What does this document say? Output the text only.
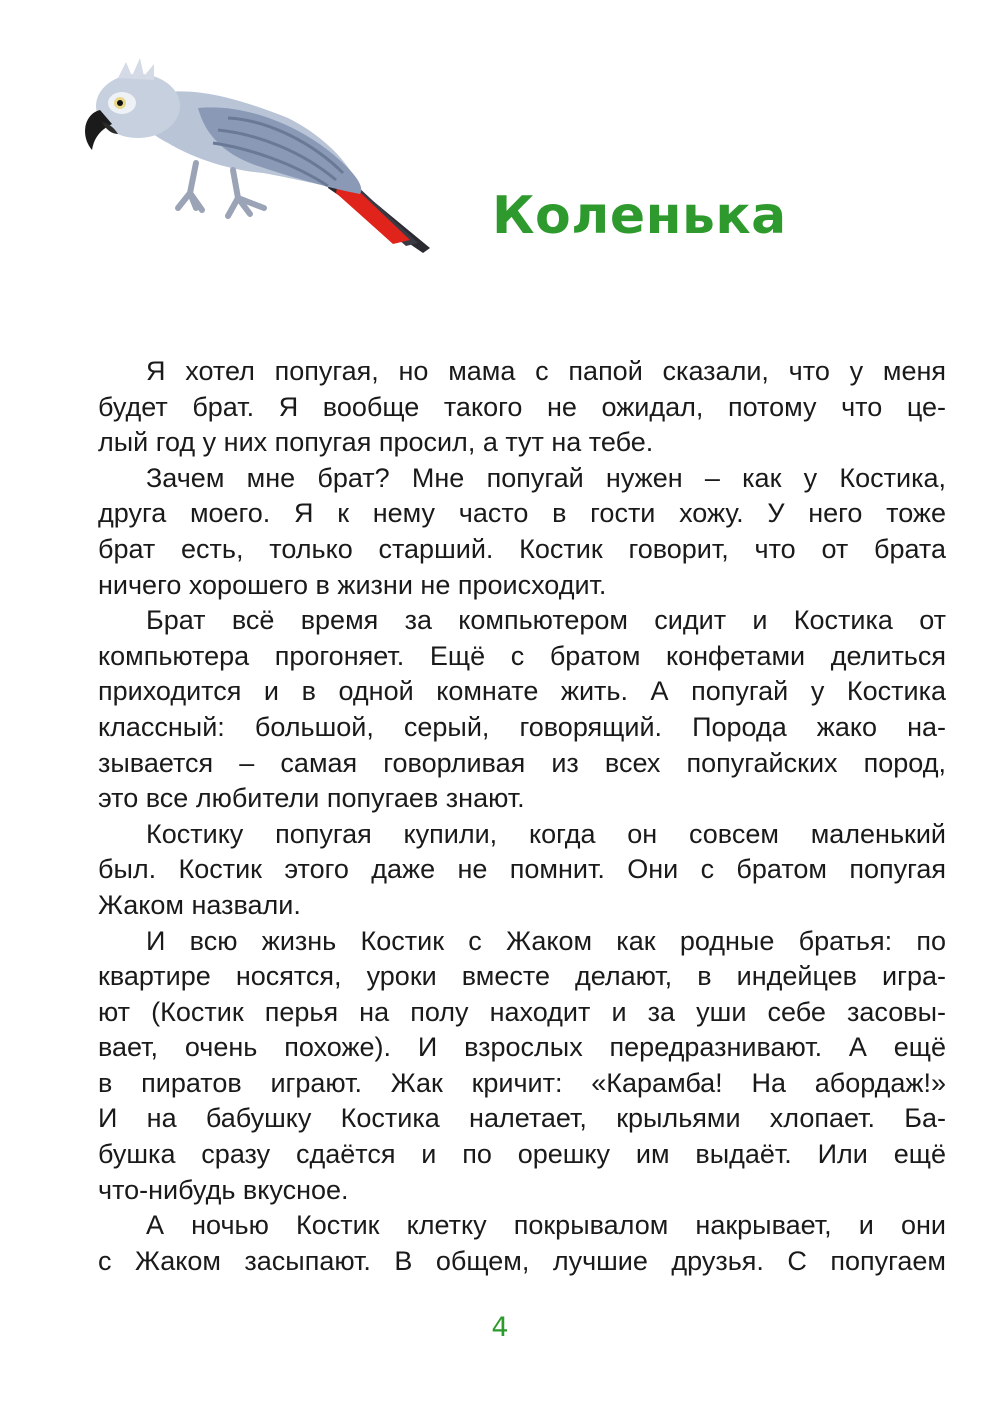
Коленька
Я хотел попугая, но мама с папой сказали, что у меня
будет брат. Я вообще такого не ожидал, потому что це-
лый год у них попугая просил, а тут на тебе.
Зачем мне брат? Мне попугай нужен – как у Костика,
друга моего. Я к нему часто в гости хожу. У него тоже
брат есть, только старший. Костик говорит, что от брата
ничего хорошего в жизни не происходит.
Брат всё время за компьютером сидит и Костика от
компьютера прогоняет. Ещё с братом конфетами делиться
приходится и в одной комнате жить. А попугай у Костика
классный: большой, серый, говорящий. Порода жако на-
зывается – самая говорливая из всех попугайских пород,
это все любители попугаев знают.
Костику попугая купили, когда он совсем маленький
был. Костик этого даже не помнит. Они с братом попугая
Жаком назвали.
И всю жизнь Костик с Жаком как родные братья: по
квартире носятся, уроки вместе делают, в индейцев игра-
ют (Костик перья на полу находит и за уши себе засовы-
вает, очень похоже). И взрослых передразнивают. А ещё
в пиратов играют. Жак кричит: «Карамба! На абордаж!»
И на бабушку Костика налетает, крыльями хлопает. Ба-
бушка сразу сдаётся и по орешку им выдаёт. Или ещё
что-нибудь вкусное.
А ночью Костик клетку покрывалом накрывает, и они
с Жаком засыпают. В общем, лучшие друзья. С попугаем
4
